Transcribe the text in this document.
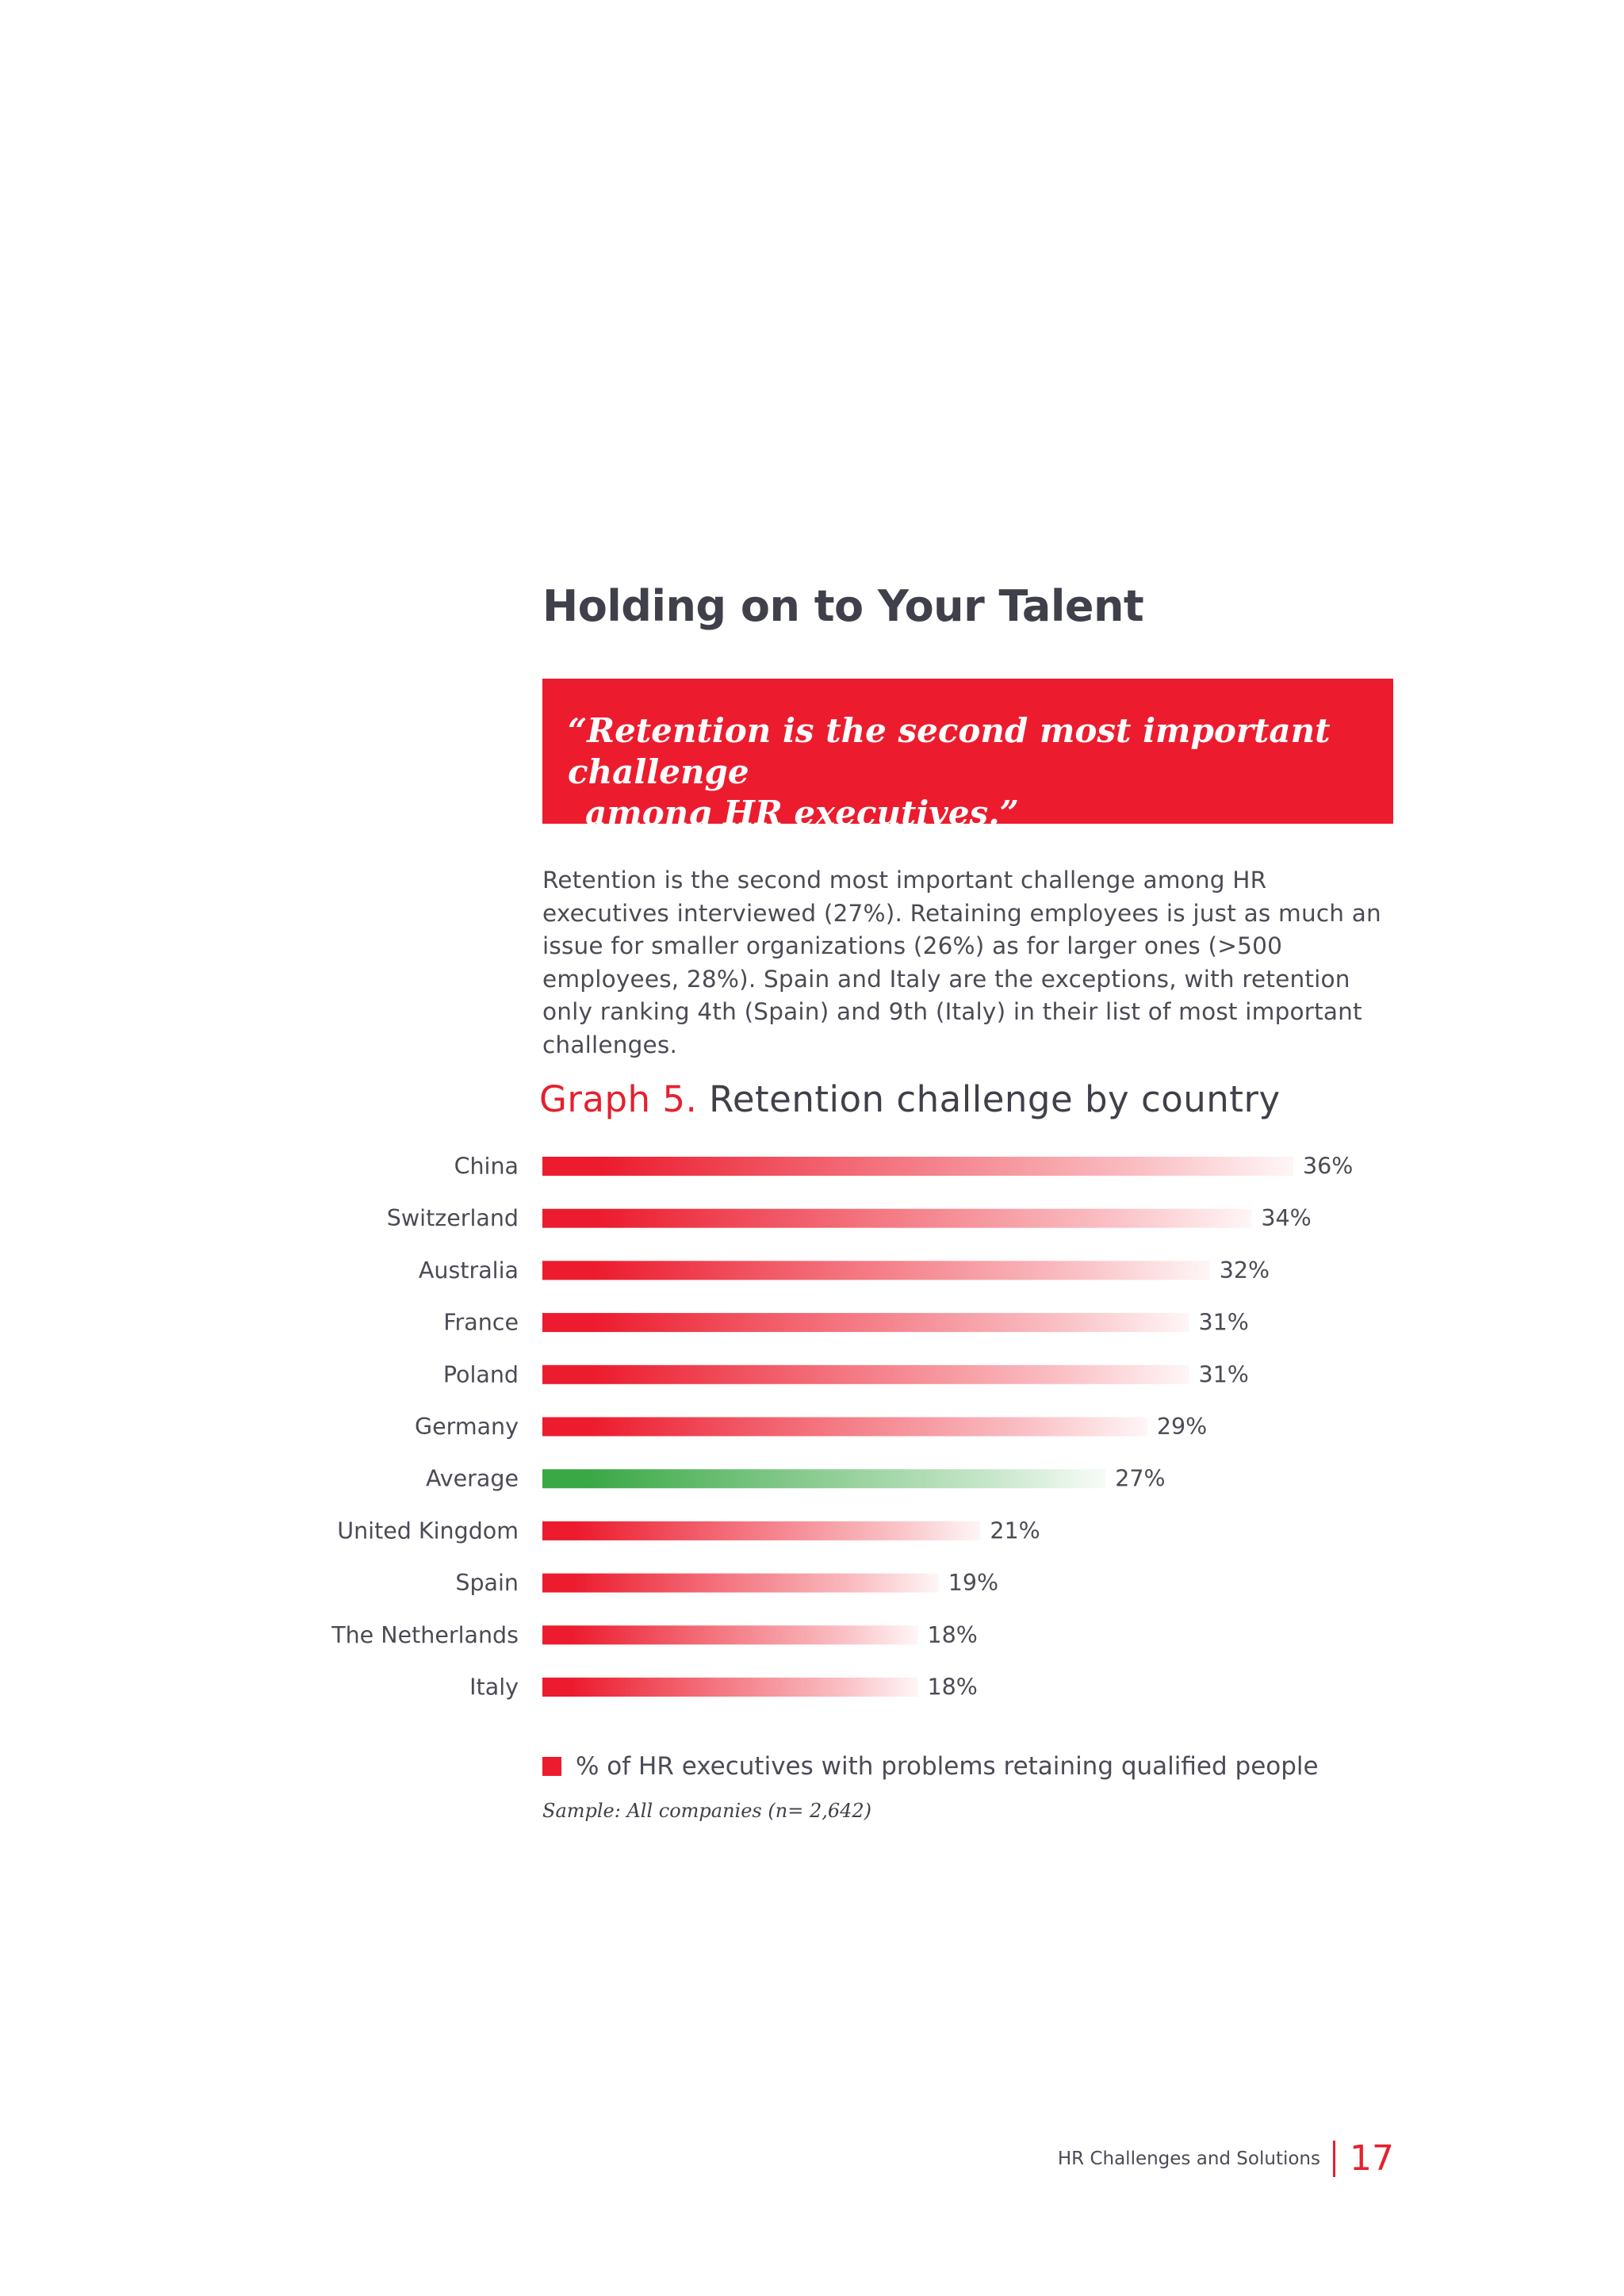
Holding on to Your Talent

“Retention is the second most important challenge
among HR executives.”

Retention is the second most important challenge among HR executives interviewed (27%). Retaining employees is just as much an issue for smaller organizations (26%) as for larger ones (>500 employees, 28%). Spain and Italy are the exceptions, with retention only ranking 4th (Spain) and 9th (Italy) in their list of most important challenges.

Graph 5. Retention challenge by country
China	36%
Switzerland	34%
Australia	32%
France	31%
Poland	31%
Germany	29%
Average	27%
United Kingdom	21%
Spain	19%
The Netherlands	18%
Italy	18%
% of HR executives with problems retaining qualified people
Sample: All companies (n= 2,642)
HR Challenges and Solutions 17
